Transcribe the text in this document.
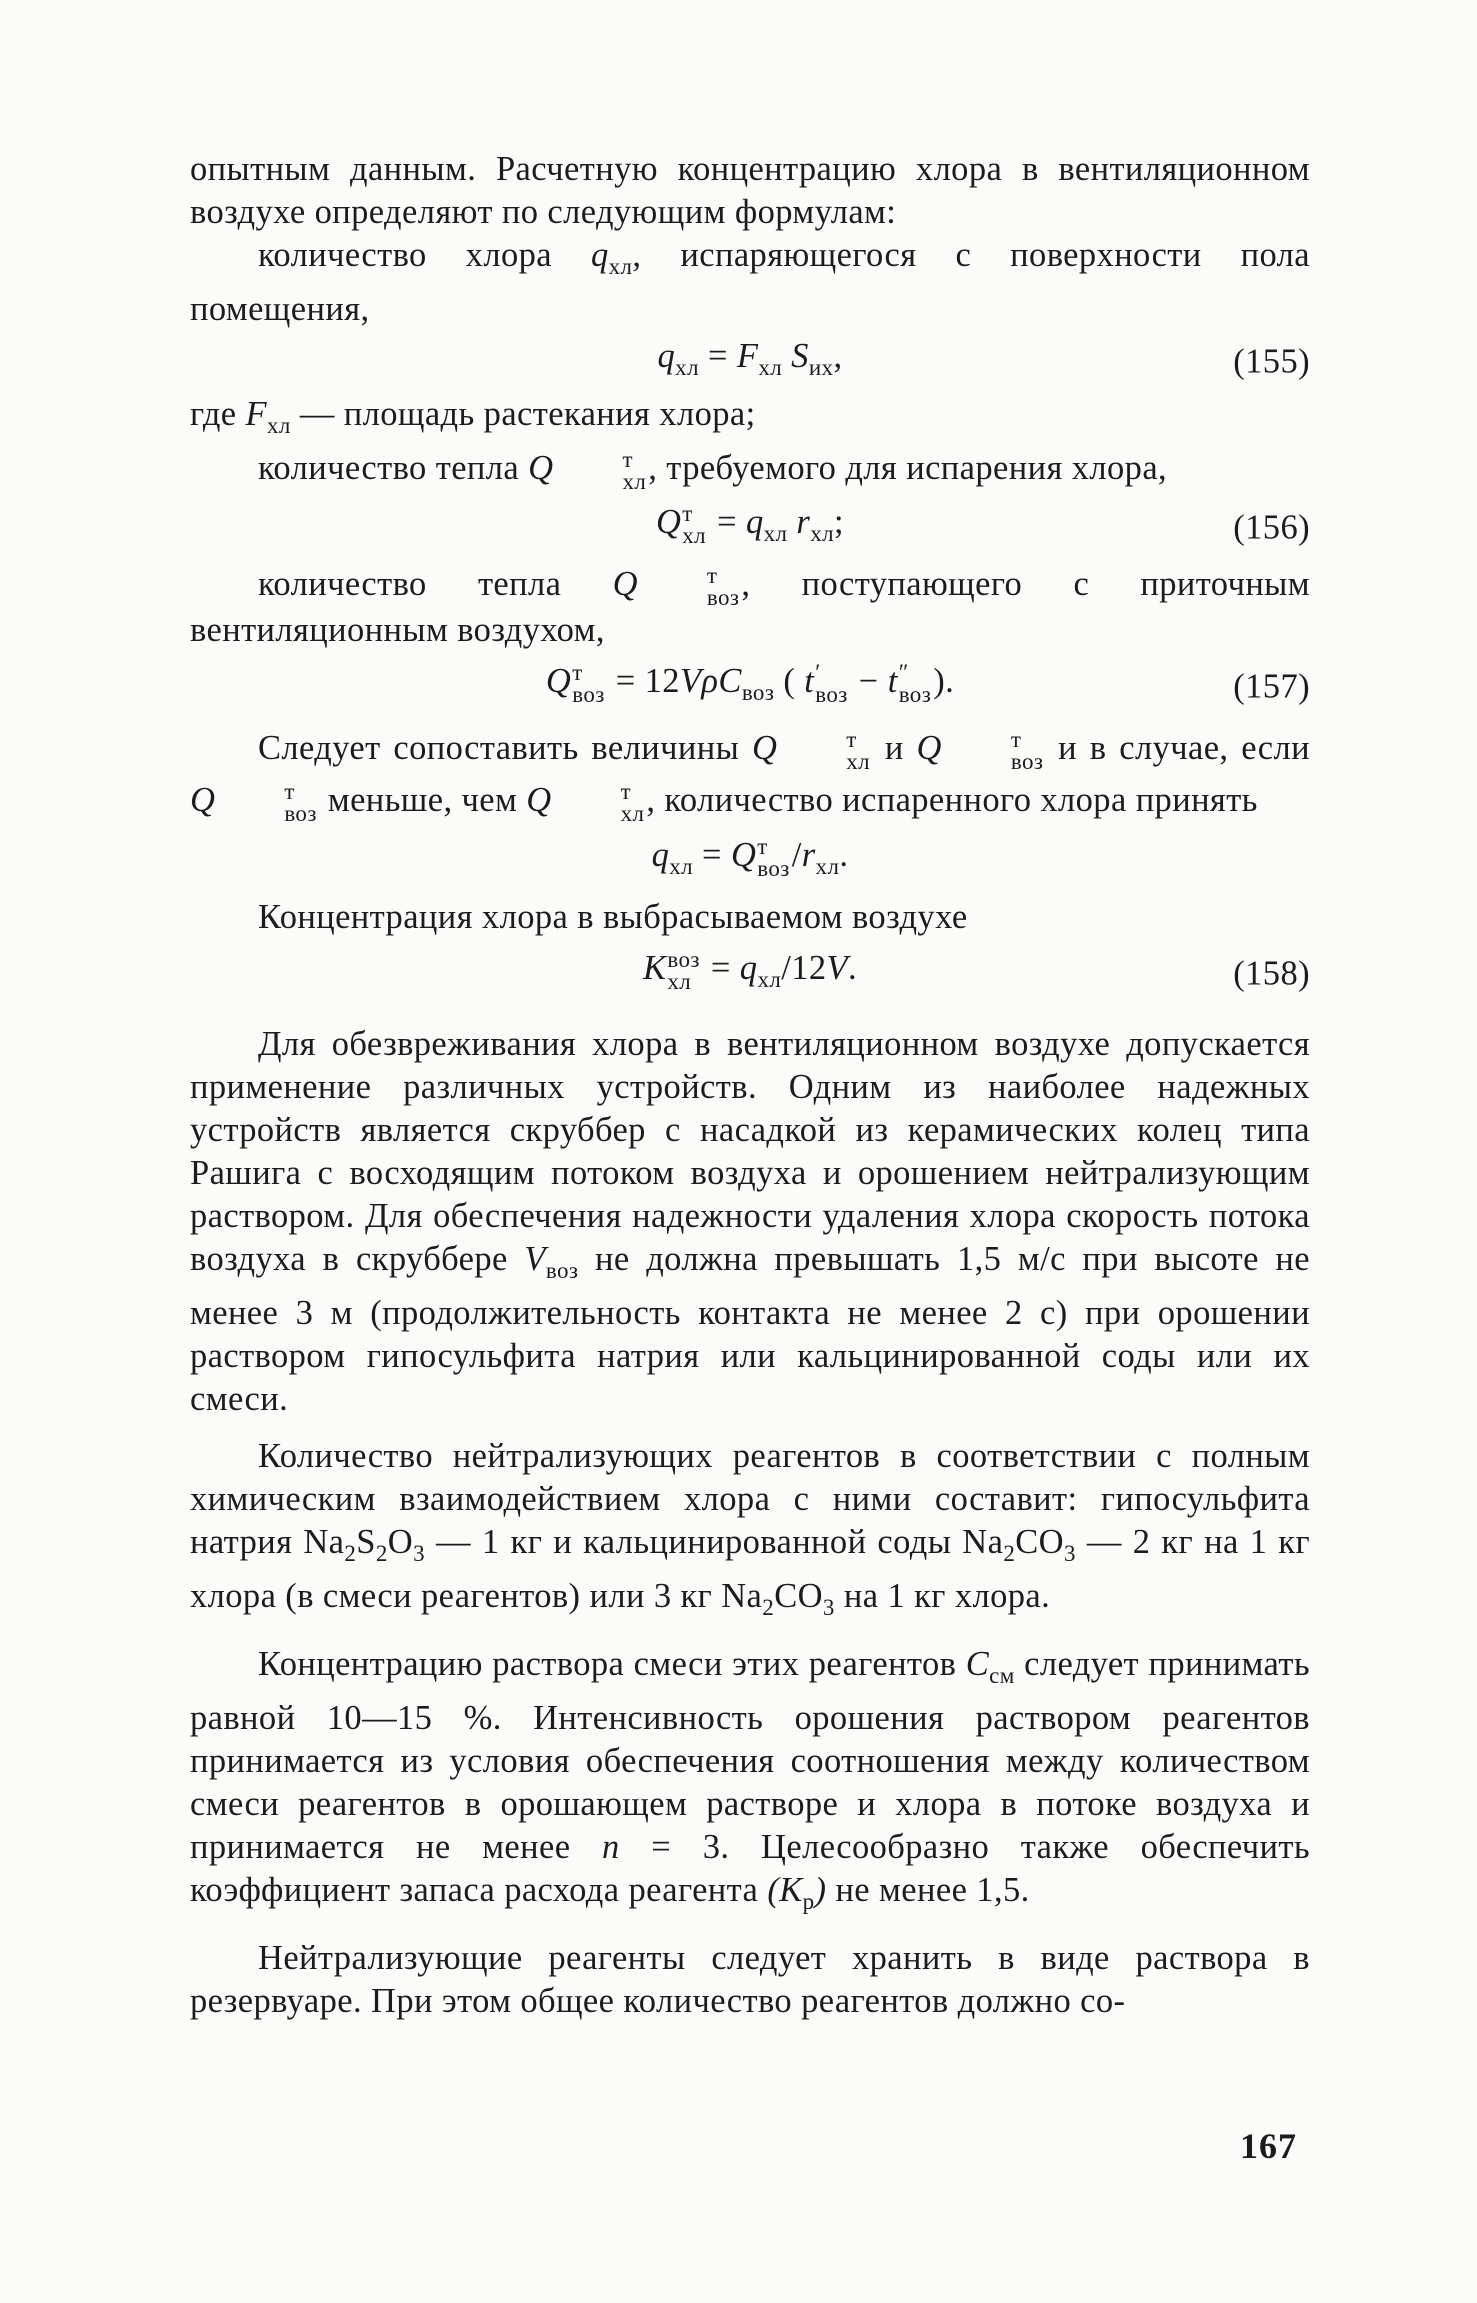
опытным данным. Расчетную концентрацию хлора в вентиляционном воздухе определяют по следующим формулам:

количество хлора $q_{хл}$, испаряющегося с поверхности пола помещения,

$q_{хл} = F_{хл}$ $S_{их}$,	(155)

где $F_{хл}$ — площадь растекания хлора;

количество тепла Q	т
хл , требуемого для испарения хлора,

Q т
хл = $q_{хл}$ $r_{хл}$;	(156)

количество тепла Q	т
воз , поступающего с приточным вентиляционным воздухом,

Q т
воз = 12VρC$_{воз}$ ( t ′
воз − t ″
воз ).	(157)

Следует сопоставить величины Q	т
хл и Q	т
воз и в случае, если Q	т
воз меньше, чем Q	т
хл , количество испаренного хлора принять

$q_{хл} = Q$ т
воз $/r_{хл}$.

Концентрация хлора в выбрасываемом воздухе

K воз
хл = $q_{хл}/12V$.	(158)

Для обезвреживания хлора в вентиляционном воздухе допускается применение различных устройств. Одним из наиболее надежных устройств является скруббер с насадкой из керамических колец типа Рашига с восходящим потоком воздуха и орошением нейтрализующим раствором. Для обеспечения надежности удаления хлора скорость потока воздуха в скруббере $V_{воз}$ не должна превышать 1,5 м/с при высоте не менее 3 м (продолжительность контакта не менее 2 с) при орошении раствором гипосульфита натрия или кальцинированной соды или их смеси.

Количество нейтрализующих реагентов в соответствии с полным химическим взаимодействием хлора с ними составит: гипосульфита натрия $Na_2S_2O_3$ — 1 кг и кальцинированной соды $Na_2CO_3$ — 2 кг на 1 кг хлора (в смеси реагентов) или 3 кг $Na_2CO_3$ на 1 кг хлора.

Концентрацию раствора смеси этих реагентов $C_{см}$ следует принимать равной 10—15 %. Интенсивность орошения раствором реагентов принимается из условия обеспечения соотношения между количеством смеси реагентов в орошающем растворе и хлора в потоке воздуха и принимается не менее n = 3. Целесообразно также обеспечить коэффициент запаса расхода реагента $(K_р)$ не менее 1,5.

Нейтрализующие реагенты следует хранить в виде раствора в резервуаре. При этом общее количество реагентов должно со-

167
